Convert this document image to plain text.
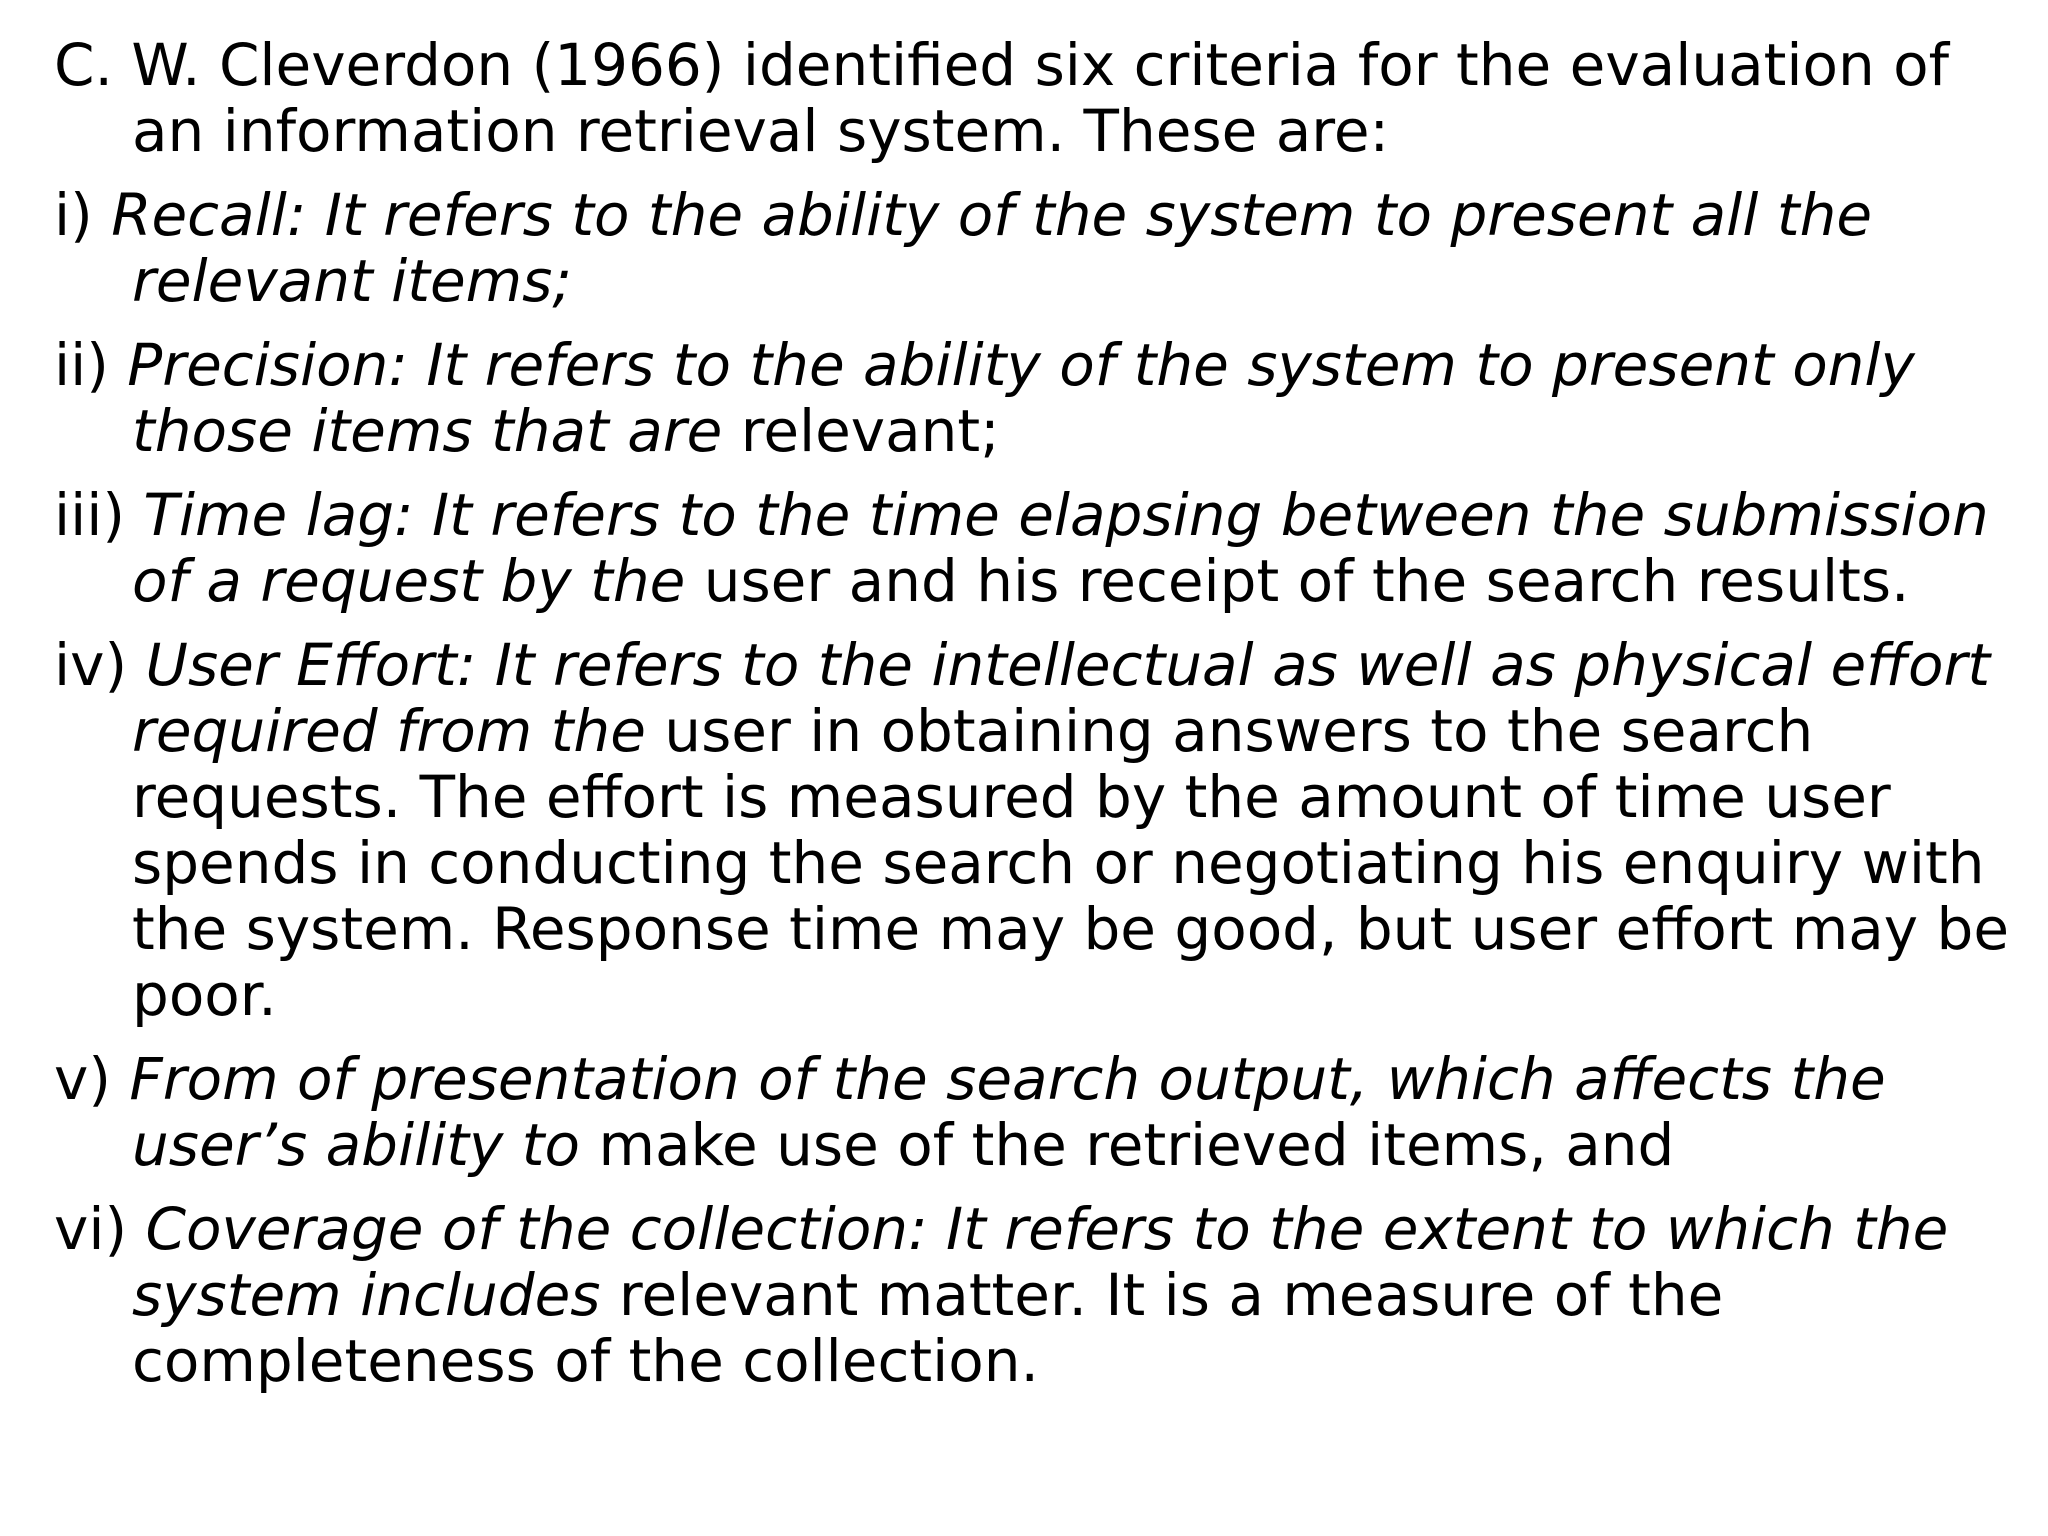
C. W. Cleverdon (1966) identified six criteria for the evaluation of an information retrieval system. These are:

i) Recall: It refers to the ability of the system to present all the relevant items;

ii) Precision: It refers to the ability of the system to present only those items that are relevant;

iii) Time lag: It refers to the time elapsing between the submission of a request by the user and his receipt of the search results.

iv) User Effort: It refers to the intellectual as well as physical effort required from the user in obtaining answers to the search requests. The effort is measured by the amount of time user spends in conducting the search or negotiating his enquiry with the system. Response time may be good, but user effort may be poor.

v) From of presentation of the search output, which affects the user’s ability to make use of the retrieved items, and

vi) Coverage of the collection: It refers to the extent to which the system includes relevant matter. It is a measure of the completeness of the collection.
